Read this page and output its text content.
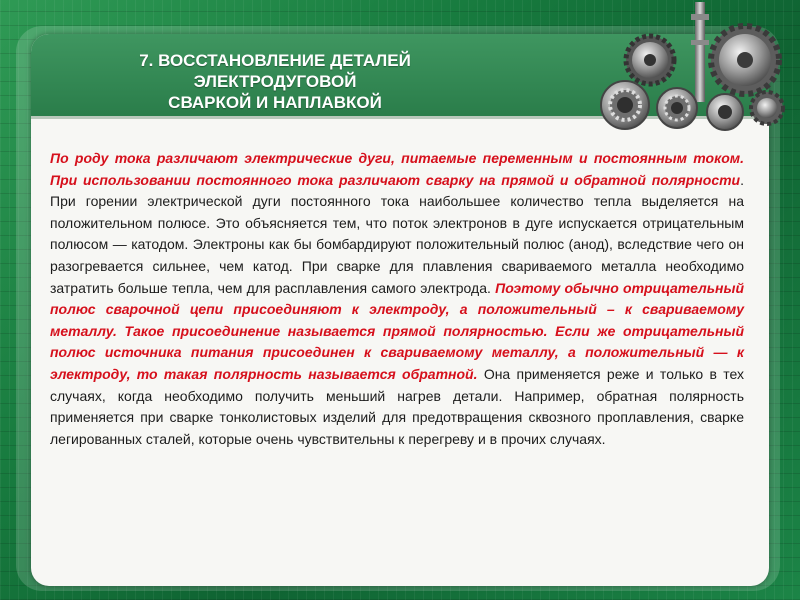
7. ВОССТАНОВЛЕНИЕ ДЕТАЛЕЙ
ЭЛЕКТРОДУГОВОЙ
СВАРКОЙ И НАПЛАВКОЙ

По роду тока различают электрические дуги, питаемые переменным и постоянным током. При использовании постоянного тока различают сварку на прямой и обратной полярности. При горении электрической дуги постоянного тока наибольшее количество тепла выделяется на положительном полюсе. Это объясняется тем, что поток электронов в дуге испускается отрицательным полюсом — катодом. Электроны как бы бомбардируют положительный полюс (анод), вследствие чего он разогревается сильнее, чем катод. При сварке для плавления свариваемого металла необходимо затратить больше тепла, чем для расплавления самого электрода. Поэтому обычно отрицательный полюс сварочной цепи присоединяют к электроду, а положительный – к свариваемому металлу. Такое присоединение называется прямой полярностью. Если же отрицательный полюс источника питания присоединен к свариваемому металлу, а положительный — к электроду, то такая полярность называется обратной. Она применяется реже и только в тех случаях, когда необходимо получить меньший нагрев детали. Например, обратная полярность применяется при сварке тонколистовых изделий для предотвращения сквозного проплавления, сварке легированных сталей, которые очень чувствительны к перегреву и в прочих случаях.
